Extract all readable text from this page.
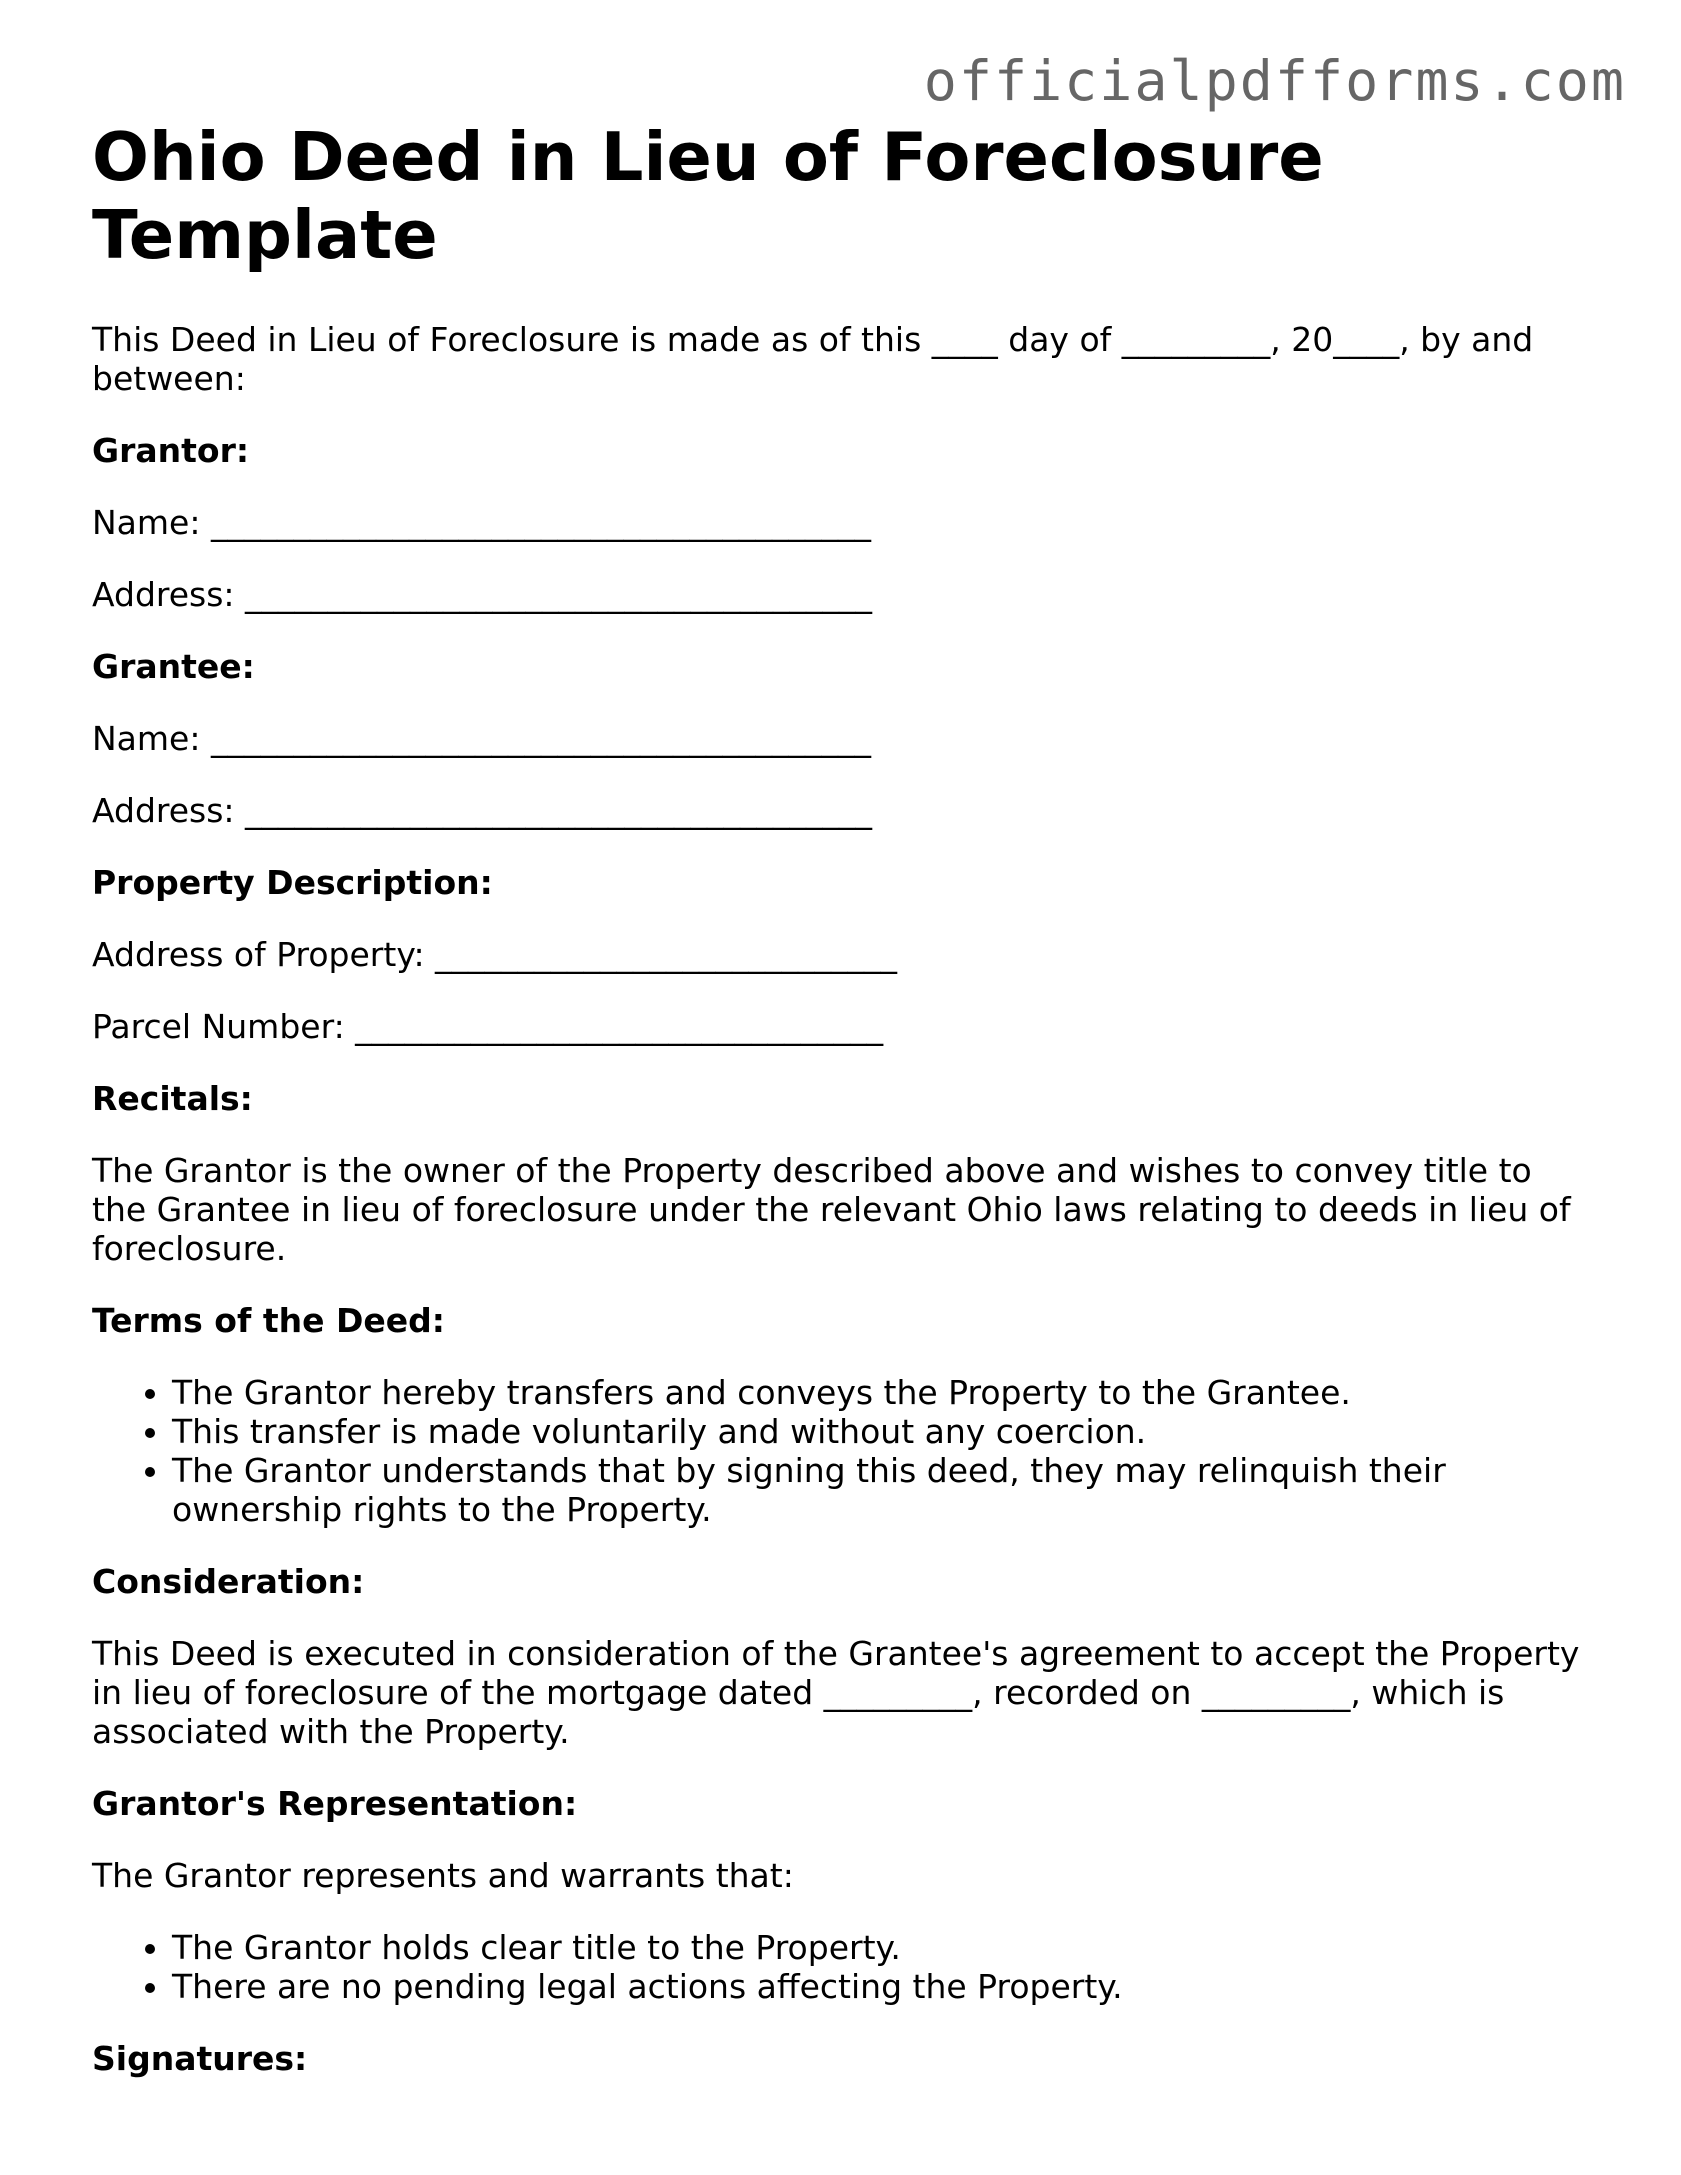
officialpdfforms.com
Ohio Deed in Lieu of Foreclosure Template

This Deed in Lieu of Foreclosure is made as of this ____ day of _________, 20____, by and between:

Grantor:

Name: ________________________________________

Address: ______________________________________

Grantee:

Name: ________________________________________

Address: ______________________________________

Property Description:

Address of Property: ____________________________

Parcel Number: ________________________________

Recitals:

The Grantor is the owner of the Property described above and wishes to convey title to the Grantee in lieu of foreclosure under the relevant Ohio laws relating to deeds in lieu of foreclosure.

Terms of the Deed:

• The Grantor hereby transfers and conveys the Property to the Grantee.
• This transfer is made voluntarily and without any coercion.
• The Grantor understands that by signing this deed, they may relinquish their ownership rights to the Property.

Consideration:

This Deed is executed in consideration of the Grantee's agreement to accept the Property in lieu of foreclosure of the mortgage dated _________, recorded on _________, which is associated with the Property.

Grantor's Representation:

The Grantor represents and warrants that:

• The Grantor holds clear title to the Property.
• There are no pending legal actions affecting the Property.

Signatures:
